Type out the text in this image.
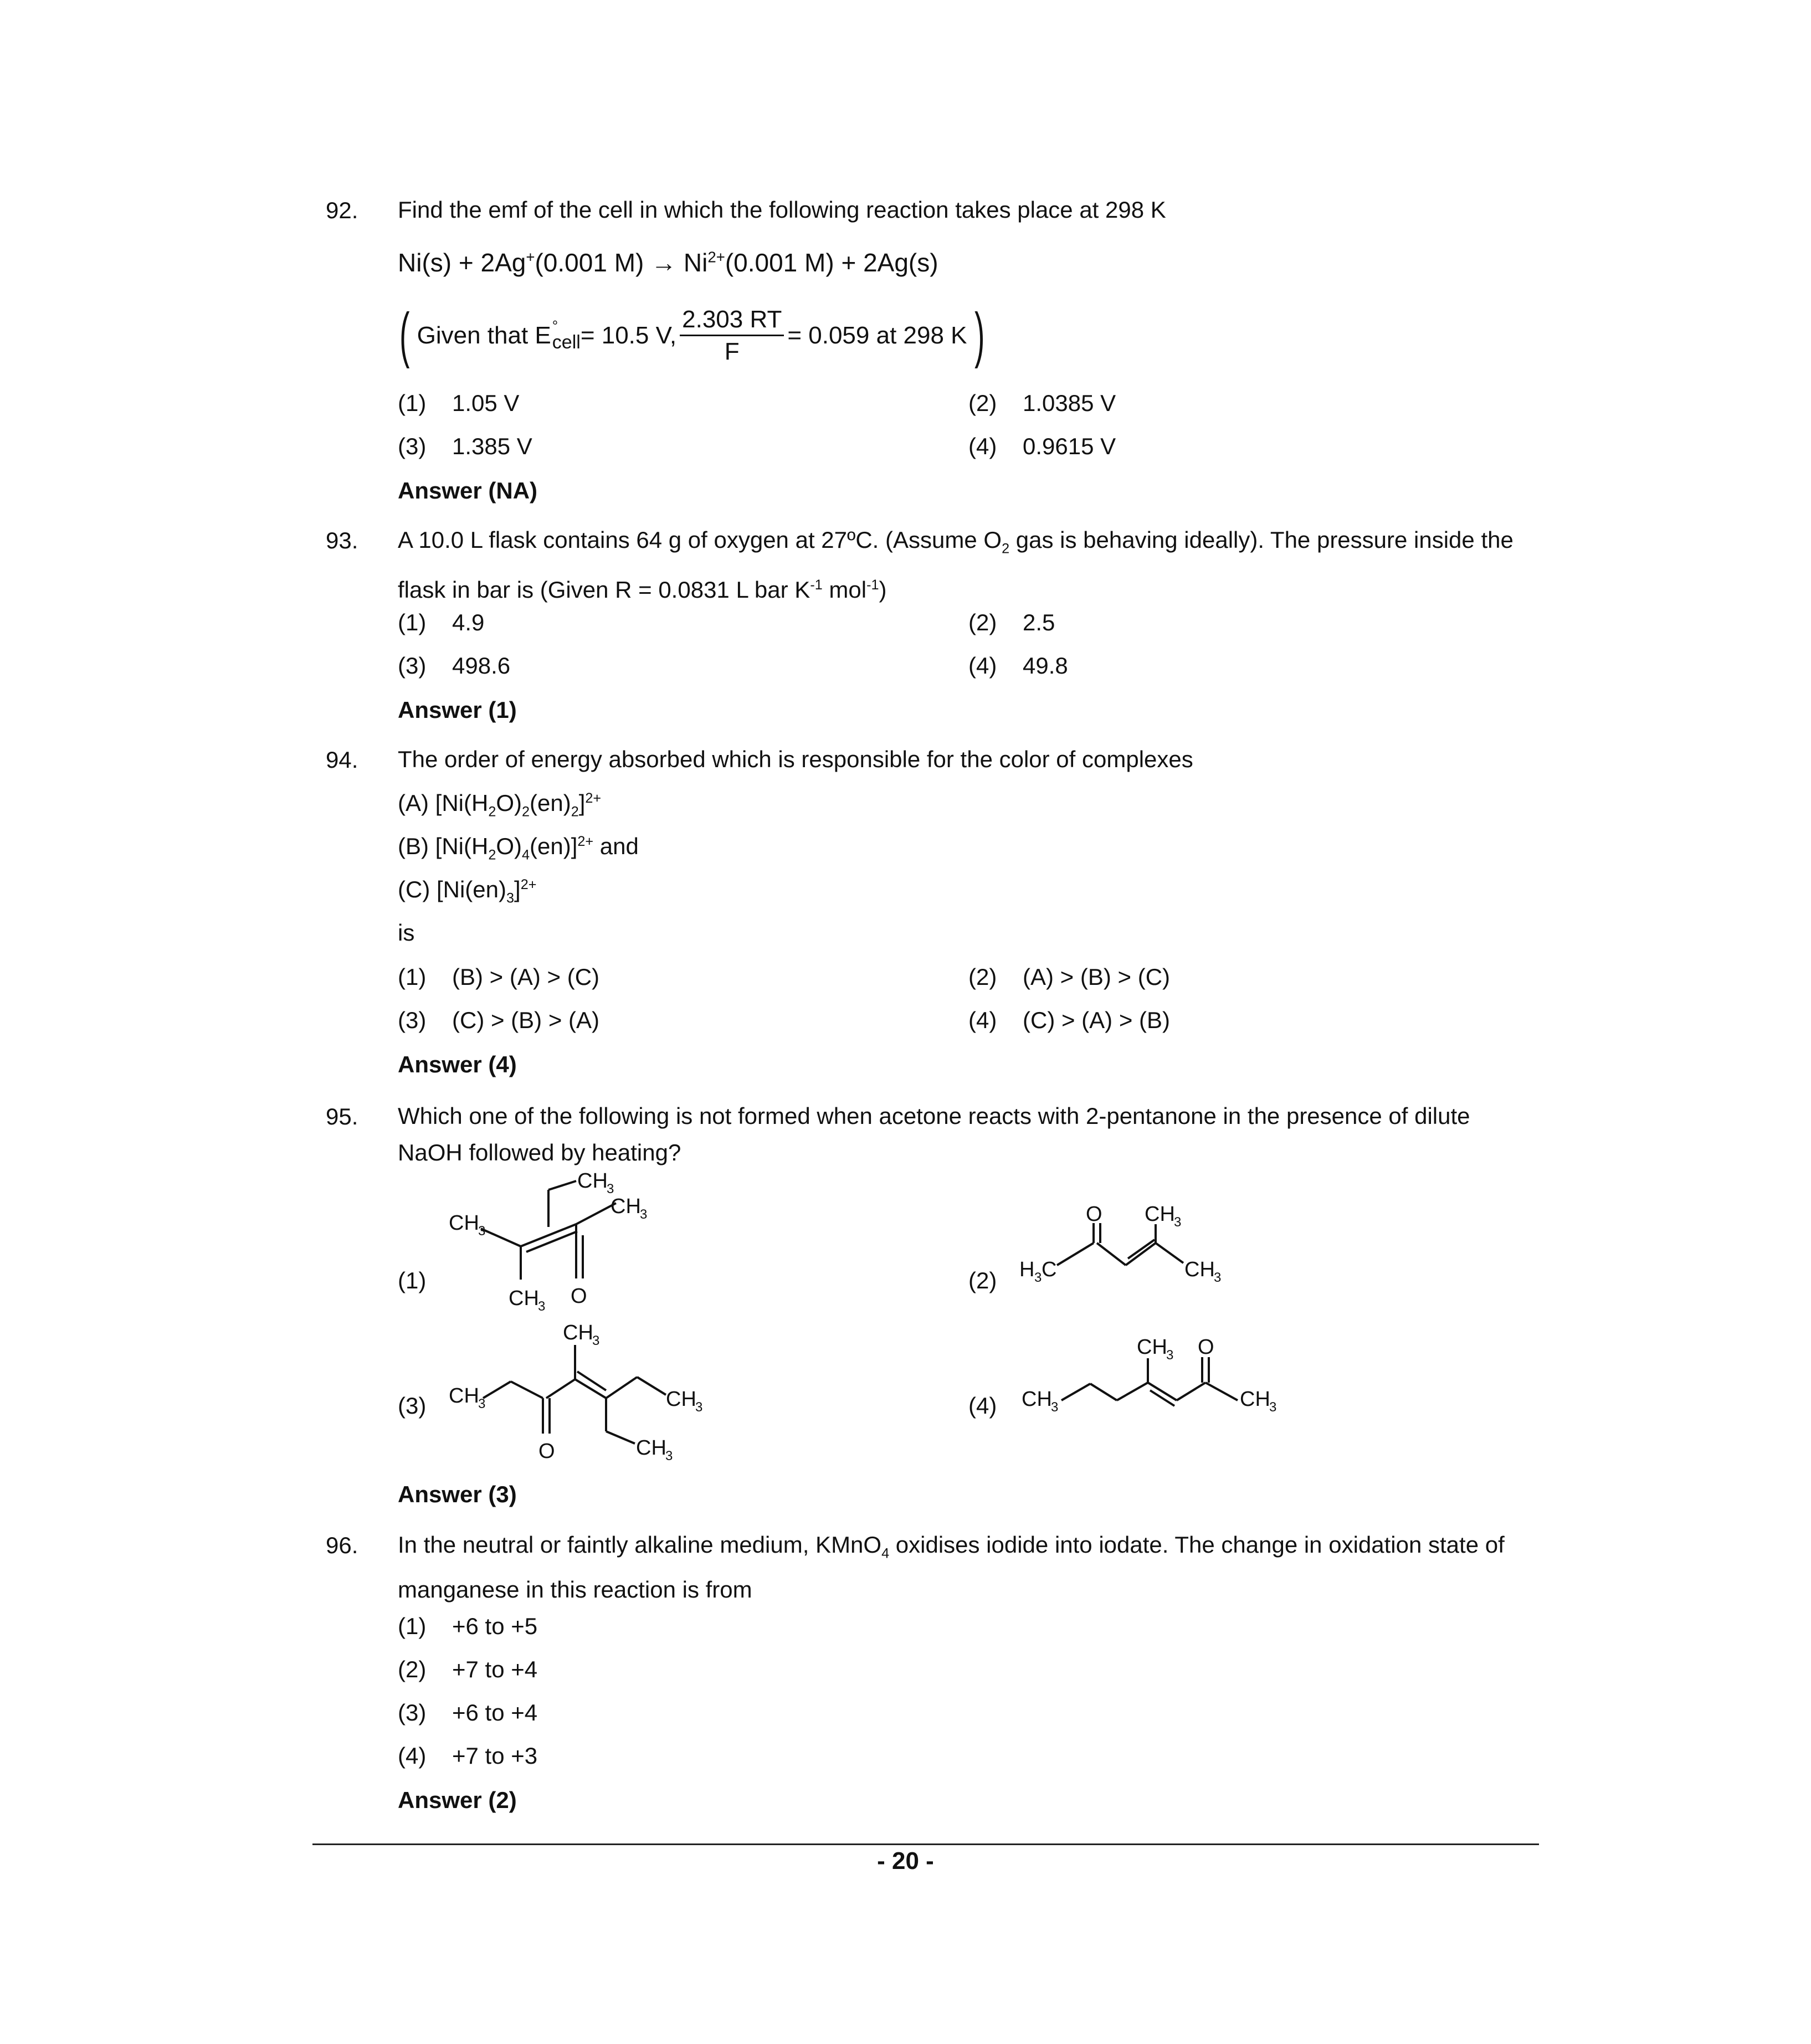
92. Find the emf of the cell in which the following reaction takes place at 298 K
Ni(s) + 2Ag+(0.001 $M) \to Ni^{2+}(0.001$ M) + 2Ag(s)
( Given that E °
cell = 10.5 V, $\frac{2.303 RT}{F} = 0.059$ at 298 K )
(1) 1.05 V	(2) 1.0385 V
(3) 1.385 V	(4) 0.9615 V
Answer (NA)
93. A 10.0 L flask contains 64 g of oxygen at 27ºC. (Assume $O_2$ gas is behaving ideally). The pressure inside the flask in bar is (Given R = 0.0831 L bar $K^{-1}$ mol$^{-1}$)
(1) 4.9	(2) 2.5
(3) 498.6	(4) 49.8
Answer (1)
94. The order of energy absorbed which is responsible for the color of complexes
(A) $[Ni(H_2O)_2(en)_2]^{2+}$
(B) $[Ni(H_2O)_4(en)]^{2+}$ and
(C) $[Ni(en)_3]^{2+}$
is
(1) (B) > (A) > (C)	(2) (A) > (B) > (C)
(3) (C) > (B) > (A)	(4) (C) > (A) > (B)
Answer (4)
95. Which one of the following is not formed when acetone reacts with 2-pentanone in the presence of dilute NaOH followed by heating?
(1)
CH
3
CH
3
CH
3
CH
3 O
(2)
O CH
3
H 3 C	CH
3
(3)
CH
3
CH
3	CH
3
CH
3
O
(4)
CH
3 O
CH
3	CH
3
Answer (3)
96. In the neutral or faintly alkaline medium, KMnO$_4$ oxidises iodide into iodate. The change in oxidation state of manganese in this reaction is from
(1) +6 to +5
(2) +7 to +4
(3) +6 to +4
(4) +7 to +3
Answer (2)
- 20 -
